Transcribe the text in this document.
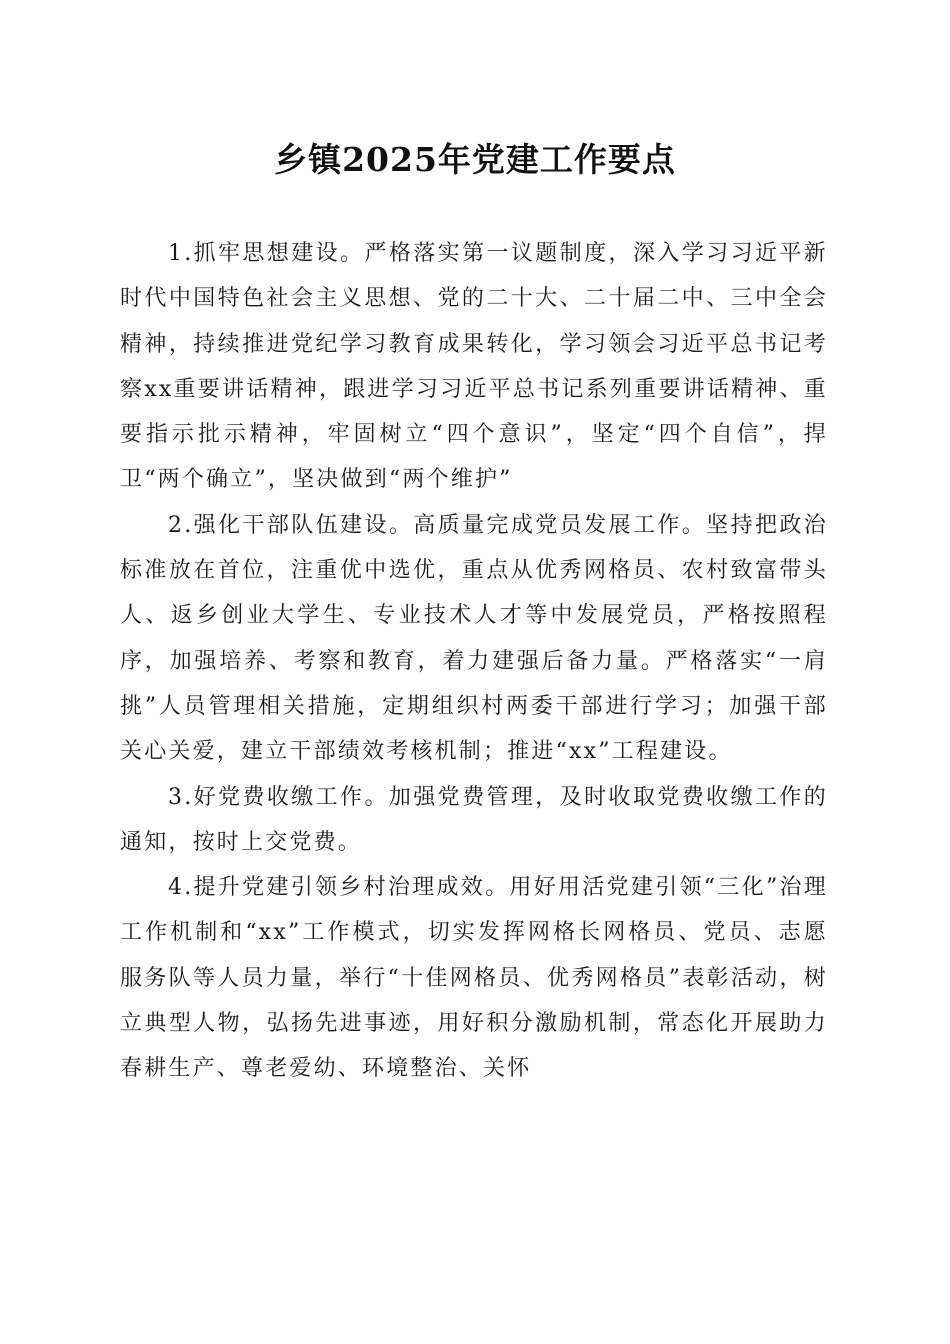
乡镇2025年党建工作要点

1.抓牢思想建设。严格落实第一议题制度，深入学习习近平新时代中国特色社会主义思想、党的二十大、二十届二中、三中全会精神，持续推进党纪学习教育成果转化，学习领会习近平总书记考察xx重要讲话精神，跟进学习习近平总书记系列重要讲话精神、重要指示批示精神，牢固树立“四个意识”，坚定“四个自信”，捍卫“两个确立”，坚决做到“两个维护”

2.强化干部队伍建设。高质量完成党员发展工作。坚持把政治标准放在首位，注重优中选优，重点从优秀网格员、农村致富带头人、返乡创业大学生、专业技术人才等中发展党员，严格按照程序，加强培养、考察和教育，着力建强后备力量。严格落实“一肩挑”人员管理相关措施，定期组织村两委干部进行学习；加强干部关心关爱，建立干部绩效考核机制；推进“xx”工程建设。

3.好党费收缴工作。加强党费管理，及时收取党费收缴工作的通知，按时上交党费。

4.提升党建引领乡村治理成效。用好用活党建引领“三化”治理工作机制和“xx”工作模式，切实发挥网格长网格员、党员、志愿服务队等人员力量，举行“十佳网格员、优秀网格员”表彰活动，树立典型人物，弘扬先进事迹，用好积分激励机制，常态化开展助力春耕生产、尊老爱幼、环境整治、关怀
